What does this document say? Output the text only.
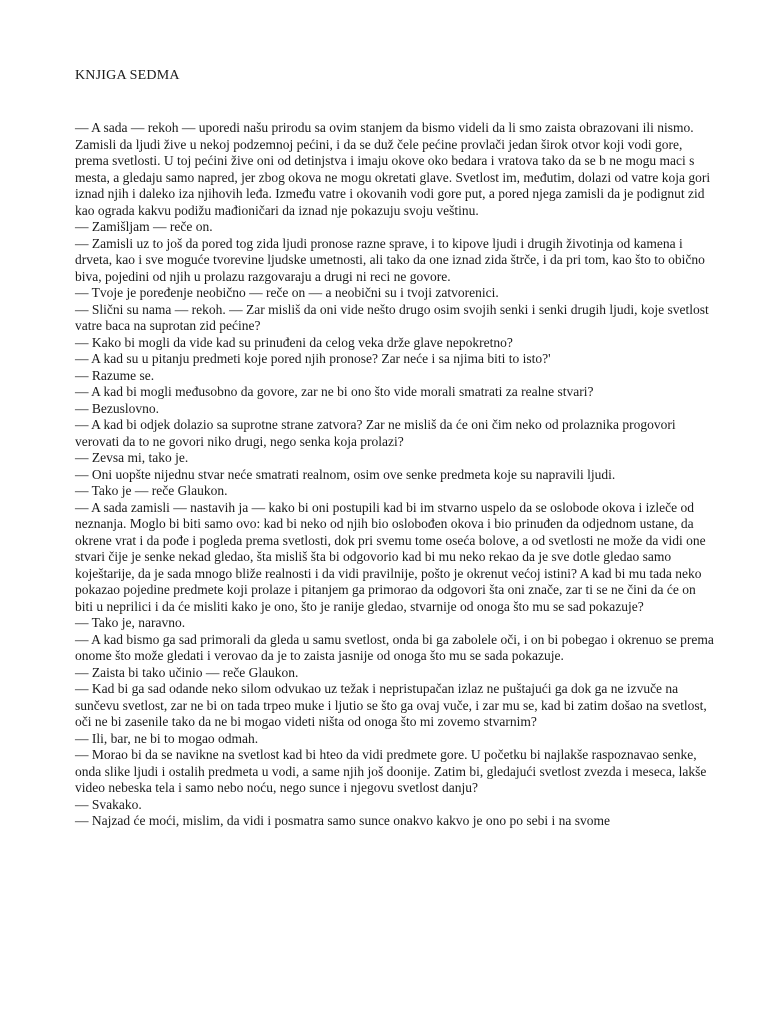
KNJIGA SEDMA

— A sada — rekoh — uporedi našu prirodu sa ovim stanjem da bismo videli da li smo zaista obrazovani ili nismo. Zamisli da ljudi žive u nekoj podzemnoj pećini, i da se duž čele pećine provlači jedan širok otvor koji vodi gore, prema svetlosti. U toj pećini žive oni od detinjstva i imaju okove oko bedara i vratova tako da se b ne mogu maci s mesta, a gledaju samo napred, jer zbog okova ne mogu okretati glave. Svetlost im, međutim, dolazi od vatre koja gori iznad njih i daleko iza njihovih leđa. Između vatre i okovanih vodi gore put, a pored njega zamisli da je podignut zid kao ograda kakvu podižu mađioničari da iznad nje pokazuju svoju veštinu.

— Zamišljam — reče on.

— Zamisli uz to još da pored tog zida ljudi pronose razne sprave, i to kipove ljudi i drugih životinja od kamena i drveta, kao i sve moguće tvorevine ljudske umetnosti, ali tako da one iznad zida štrče, i da pri tom, kao što to obično biva, pojedini od njih u prolazu razgovaraju a drugi ni reci ne govore.

— Tvoje je poređenje neobično — reče on — a neobični su i tvoji zatvorenici.

— Slični su nama — rekoh. — Zar misliš da oni vide nešto drugo osim svojih senki i senki drugih ljudi, koje svetlost vatre baca na suprotan zid pećine?

— Kako bi mogli da vide kad su prinuđeni da celog veka drže glave nepokretno?

— A kad su u pitanju predmeti koje pored njih pronose? Zar neće i sa njima biti to isto?'

— Razume se.

— A kad bi mogli međusobno da govore, zar ne bi ono što vide morali smatrati za realne stvari?

— Bezuslovno.

— A kad bi odjek dolazio sa suprotne strane zatvora? Zar ne misliš da će oni čim neko od prolaznika progovori verovati da to ne govori niko drugi, nego senka koja prolazi?

— Zevsa mi, tako je.

— Oni uopšte nijednu stvar neće smatrati realnom, osim ove senke predmeta koje su napravili ljudi.

— Tako je — reče Glaukon.

— A sada zamisli — nastavih ja — kako bi oni postupili kad bi im stvarno uspelo da se oslobode okova i izleče od neznanja. Moglo bi biti samo ovo: kad bi neko od njih bio oslobođen okova i bio prinuđen da odjednom ustane, da okrene vrat i da pođe i pogleda prema svetlosti, dok pri svemu tome oseća bolove, a od svetlosti ne može da vidi one stvari čije je senke nekad gledao, šta misliš šta bi odgovorio kad bi mu neko rekao da je sve dotle gledao samo koještarije, da je sada mnogo bliže realnosti i da vidi pravilnije, pošto je okrenut većoj istini? A kad bi mu tada neko pokazao pojedine predmete koji prolaze i pitanjem ga primorao da odgovori šta oni znače, zar ti se ne čini da će on biti u neprilici i da će misliti kako je ono, što je ranije gledao, stvarnije od onoga što mu se sad pokazuje?

— Tako je, naravno.

— A kad bismo ga sad primorali da gleda u samu svetlost, onda bi ga zabolele oči, i on bi pobegao i okrenuo se prema onome što može gledati i verovao da je to zaista jasnije od onoga što mu se sada pokazuje.

— Zaista bi tako učinio — reče Glaukon.

— Kad bi ga sad odande neko silom odvukao uz težak i nepristupačan izlaz ne puštajući ga dok ga ne izvuče na sunčevu svetlost, zar ne bi on tada trpeo muke i ljutio se što ga ovaj vuče, i zar mu se, kad bi zatim došao na svetlost, oči ne bi zasenile tako da ne bi mogao videti ništa od onoga što mi zovemo stvarnim?

— Ili, bar, ne bi to mogao odmah.

— Morao bi da se navikne na svetlost kad bi hteo da vidi predmete gore. U početku bi najlakše raspoznavao senke, onda slike ljudi i ostalih predmeta u vodi, a same njih još doonije. Zatim bi, gledajući svetlost zvezda i meseca, lakše video nebeska tela i samo nebo noću, nego sunce i njegovu svetlost danju?

— Svakako.

— Najzad će moći, mislim, da vidi i posmatra samo sunce onakvo kakvo je ono po sebi i na svome
